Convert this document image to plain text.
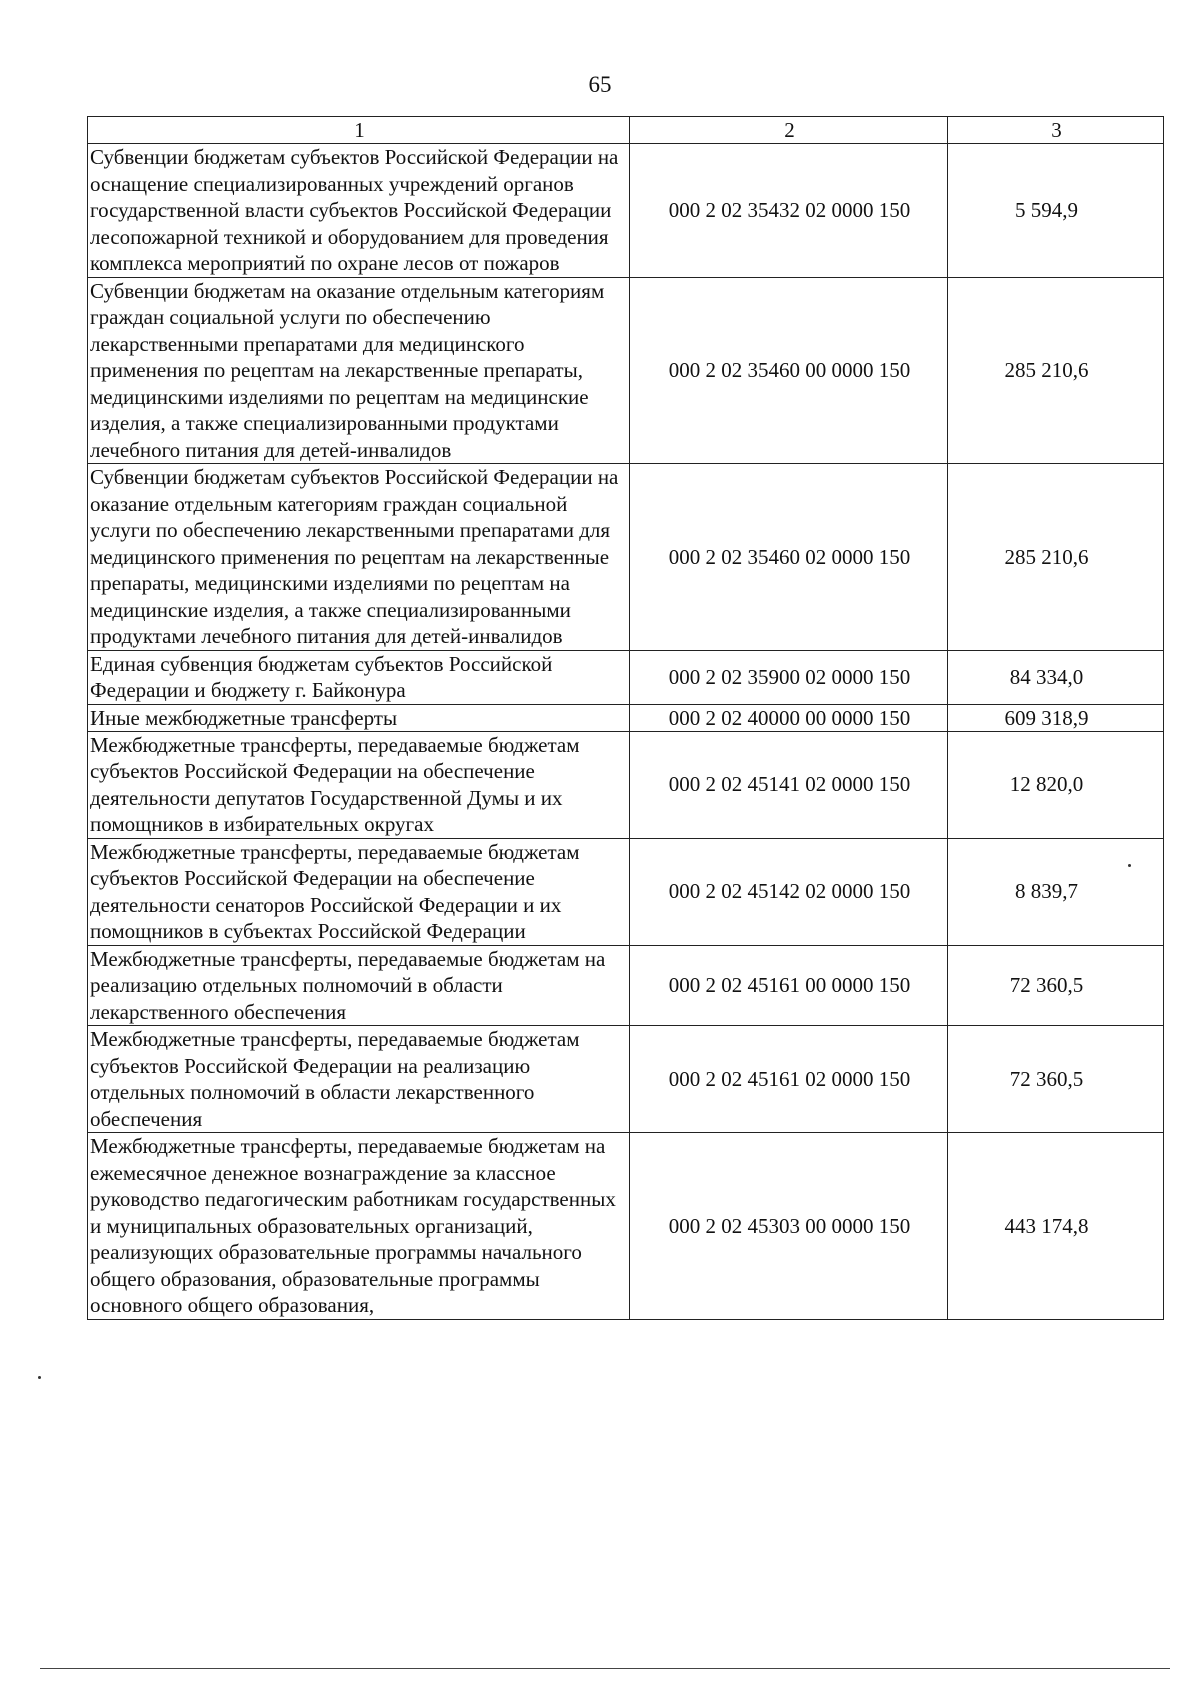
65
1	2	3
Субвенции бюджетам субъектов Российской Федерации на оснащение специализированных учреждений органов государственной власти субъектов Российской Федерации лесопожарной техникой и оборудованием для проведения комплекса мероприятий по охране лесов от пожаров	000 2 02 35432 02 0000 150	5 594,9
Субвенции бюджетам на оказание отдельным категориям граждан социальной услуги по обеспечению лекарственными препаратами для медицинского применения по рецептам на лекарственные препараты, медицинскими изделиями по рецептам на медицинские изделия, а также специализированными продуктами лечебного питания для детей-инвалидов	000 2 02 35460 00 0000 150	285 210,6
Субвенции бюджетам субъектов Российской Федерации на оказание отдельным категориям граждан социальной услуги по обеспечению лекарственными препаратами для медицинского применения по рецептам на лекарственные препараты, медицинскими изделиями по рецептам на медицинские изделия, а также специализированными продуктами лечебного питания для детей-инвалидов	000 2 02 35460 02 0000 150	285 210,6
Единая субвенция бюджетам субъектов Российской Федерации и бюджету г. Байконура	000 2 02 35900 02 0000 150	84 334,0
Иные межбюджетные трансферты	000 2 02 40000 00 0000 150	609 318,9
Межбюджетные трансферты, передаваемые бюджетам субъектов Российской Федерации на обеспечение деятельности депутатов Государственной Думы и их помощников в избирательных округах	000 2 02 45141 02 0000 150	12 820,0
Межбюджетные трансферты, передаваемые бюджетам субъектов Российской Федерации на обеспечение деятельности сенаторов Российской Федерации и их помощников в субъектах Российской Федерации	000 2 02 45142 02 0000 150	8 839,7
Межбюджетные трансферты, передаваемые бюджетам на реализацию отдельных полномочий в области лекарственного обеспечения	000 2 02 45161 00 0000 150	72 360,5
Межбюджетные трансферты, передаваемые бюджетам субъектов Российской Федерации на реализацию отдельных полномочий в области лекарственного обеспечения	000 2 02 45161 02 0000 150	72 360,5
Межбюджетные трансферты, передаваемые бюджетам на ежемесячное денежное вознаграждение за классное руководство педагогическим работникам государственных и муниципальных образовательных организаций, реализующих образовательные программы начального общего образования, образовательные программы основного общего образования,	000 2 02 45303 00 0000 150	443 174,8
